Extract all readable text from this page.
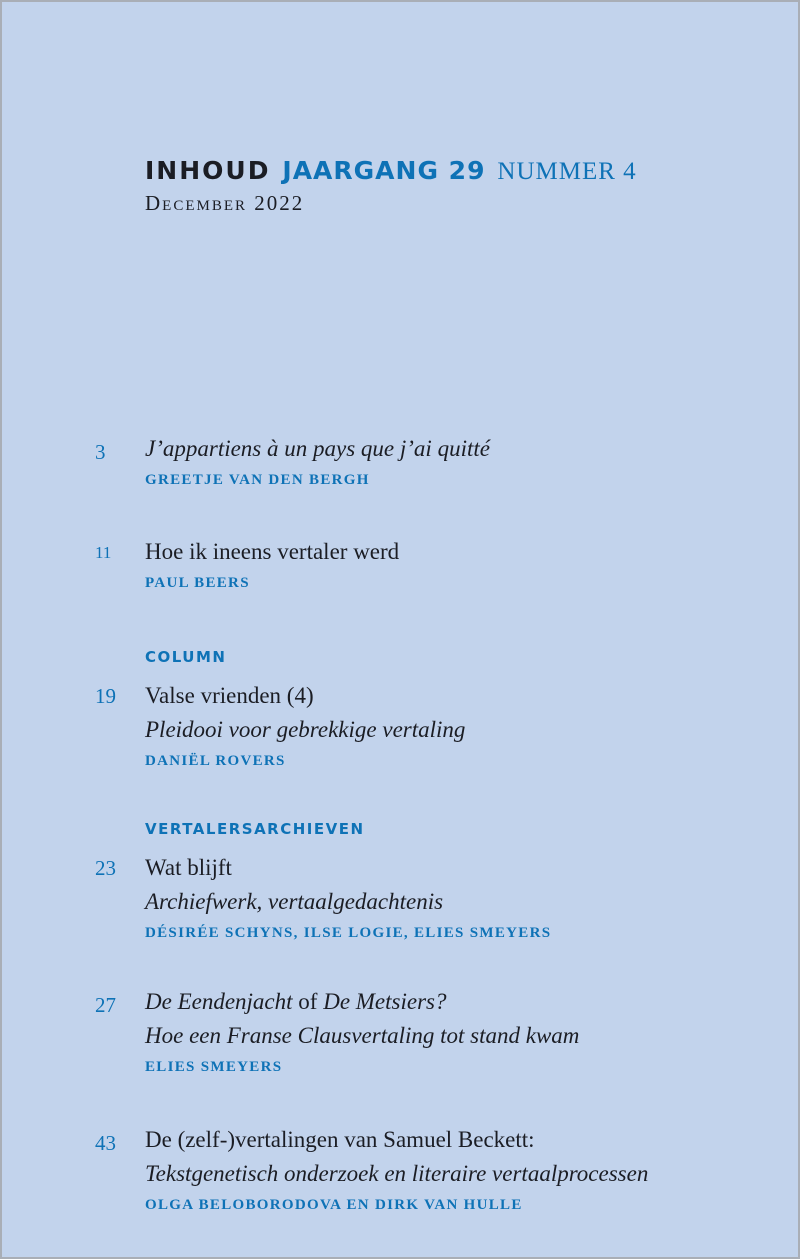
INHOUD JAARGANG 29 NUMMER 4
December 2022
3 J’appartiens à un pays que j’ai quitté
GREETJE VAN DEN BERGH
11 Hoe ik ineens vertaler werd
PAUL BEERS
19
COLUMN
Valse vrienden (4)
Pleidooi voor gebrekkige vertaling
DANIËL ROVERS
23
VERTALERSARCHIEVEN
Wat blijft
Archiefwerk, vertaalgedachtenis
DÉSIRÉE SCHYNS, ILSE LOGIE, ELIES SMEYERS
27 De Eendenjacht of De Metsiers?
Hoe een Franse Clausvertaling tot stand kwam
ELIES SMEYERS
43 De (zelf-)vertalingen van Samuel Beckett:
Tekstgenetisch onderzoek en literaire vertaalprocessen
OLGA BELOBORODOVA EN DIRK VAN HULLE
